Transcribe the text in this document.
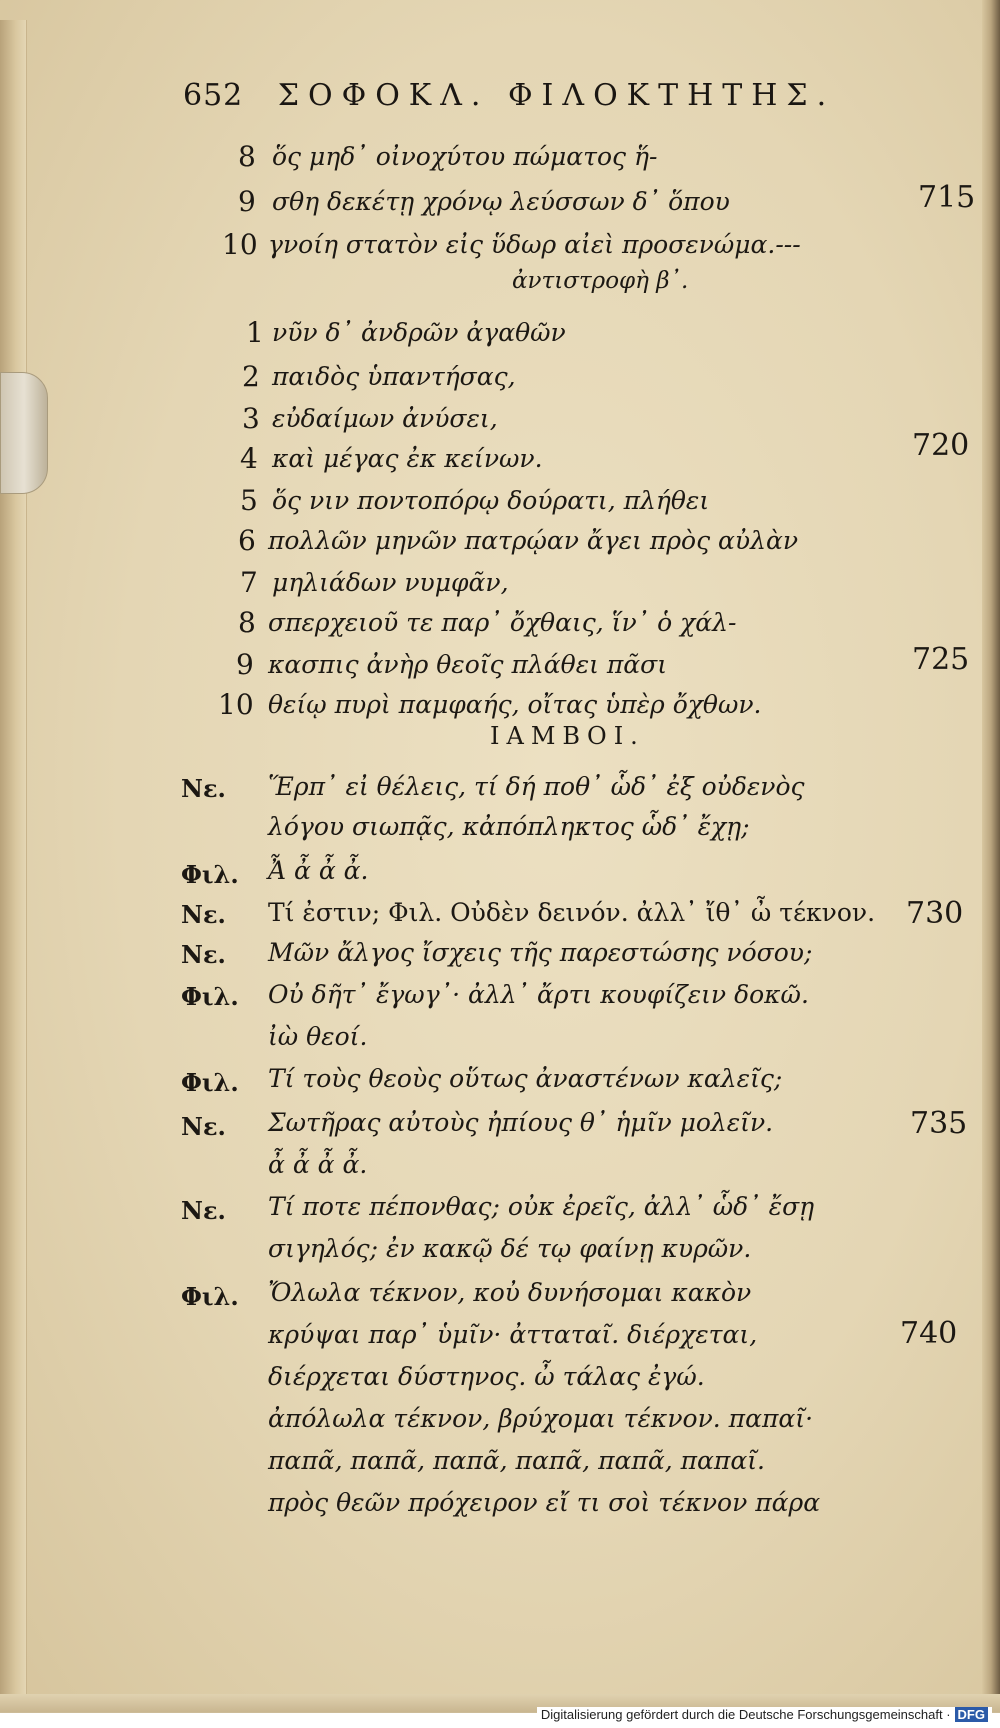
652 ΣΟΦΟΚΛ. ΦΙΛΟΚΤΗΤΗΣ.
8 ὅς μηδ᾽ οἰνοχύτου πώματος ἥ-
9 σθη δεκέτῃ χρόνῳ λεύσσων δ᾽ ὅπου
10 γνοίη στατὸν εἰς ὕδωρ αἰεὶ προσενώμα.---
715
ἀντιστροφὴ β᾽.
1 νῦν δ᾽ ἀνδρῶν ἀγαθῶν
2 παιδὸς ὑπαντήσας,
3 εὐδαίμων ἀνύσει,
4 καὶ μέγας ἐκ κείνων.
5 ὅς νιν ποντοπόρῳ δούρατι, πλήθει
6 πολλῶν μηνῶν πατρῴαν ἄγει πρὸς αὐλὰν
7 μηλιάδων νυμφᾶν,
8 σπερχειοῦ τε παρ᾽ ὄχθαις, ἵν᾽ ὁ χάλ-
9 κασπις ἀνὴρ θεοῖς πλάθει πᾶσι
10 θείῳ πυρὶ παμφαής, οἴτας ὑπὲρ ὄχθων.
720
725
ΙΑΜΒΟΙ.
Νε. Ἕρπ᾽ εἰ θέλεις, τί δή ποθ᾽ ὧδ᾽ ἐξ οὐδενὸς
λόγου σιωπᾷς, κἀπόπληκτος ὧδ᾽ ἔχῃ;
Φιλ. Ἆ ἆ ἆ ἆ.
Νε. Τί ἐστιν; Φιλ. Οὐδὲν δεινόν. ἀλλ᾽ ἴθ᾽ ὦ τέκνον. 730
Νε. Μῶν ἄλγος ἴσχεις τῆς παρεστώσης νόσου;
Φιλ. Οὐ δῆτ᾽ ἔγωγ᾽· ἀλλ᾽ ἄρτι κουφίζειν δοκῶ.
ἰὼ θεοί.
Φιλ. Τί τοὺς θεοὺς οὕτως ἀναστένων καλεῖς;
Νε. Σωτῆρας αὐτοὺς ἠπίους θ᾽ ἡμῖν μολεῖν.	735
ἆ ἆ ἆ ἆ.
Νε. Τί ποτε πέπονθας; οὐκ ἐρεῖς, ἀλλ᾽ ὧδ᾽ ἔσῃ
σιγηλός; ἐν κακῷ δέ τῳ φαίνῃ κυρῶν.
Φιλ. Ὄλωλα τέκνον, κοὐ δυνήσομαι κακὸν
κρύψαι παρ᾽ ὑμῖν· ἀτταταῖ. διέρχεται,	740
διέρχεται δύστηνος. ὦ τάλας ἐγώ.
ἀπόλωλα τέκνον, βρύχομαι τέκνον. παπαῖ·
παπᾶ, παπᾶ, παπᾶ, παπᾶ, παπᾶ, παπαῖ.
πρὸς θεῶν πρόχειρον εἴ τι σοὶ τέκνον πάρα
Digitalisierung gefördert durch die Deutsche Forschungsgemeinschaft · DFG
